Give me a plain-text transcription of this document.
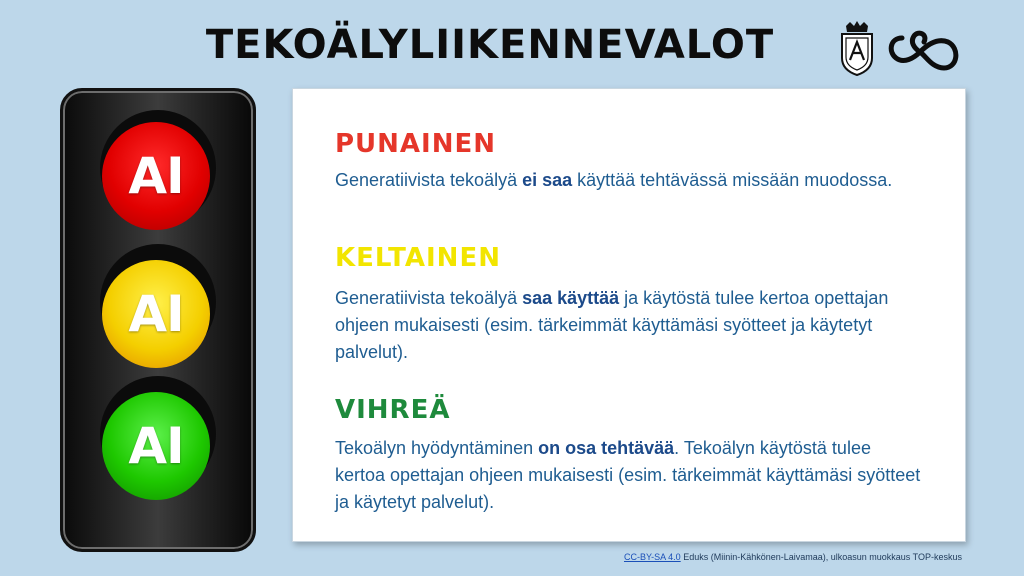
TEKOÄLYLIIKENNEVALOT
AI
AI
AI
PUNAINEN
Generatiivista tekoälyä ei saa käyttää tehtävässä missään muodossa.
KELTAINEN
Generatiivista tekoälyä saa käyttää ja käytöstä tulee kertoa opettajan ohjeen mukaisesti (esim. tärkeimmät käyttämäsi syötteet ja käytetyt palvelut).
VIHREÄ
Tekoälyn hyödyntäminen on osa tehtävää. Tekoälyn käytöstä tulee kertoa opettajan ohjeen mukaisesti (esim. tärkeimmät käyttämäsi syötteet ja käytetyt palvelut).
CC-BY-SA 4.0 Eduks (Miinin-Kähkönen-Laivamaa), ulkoasun muokkaus TOP-keskus
